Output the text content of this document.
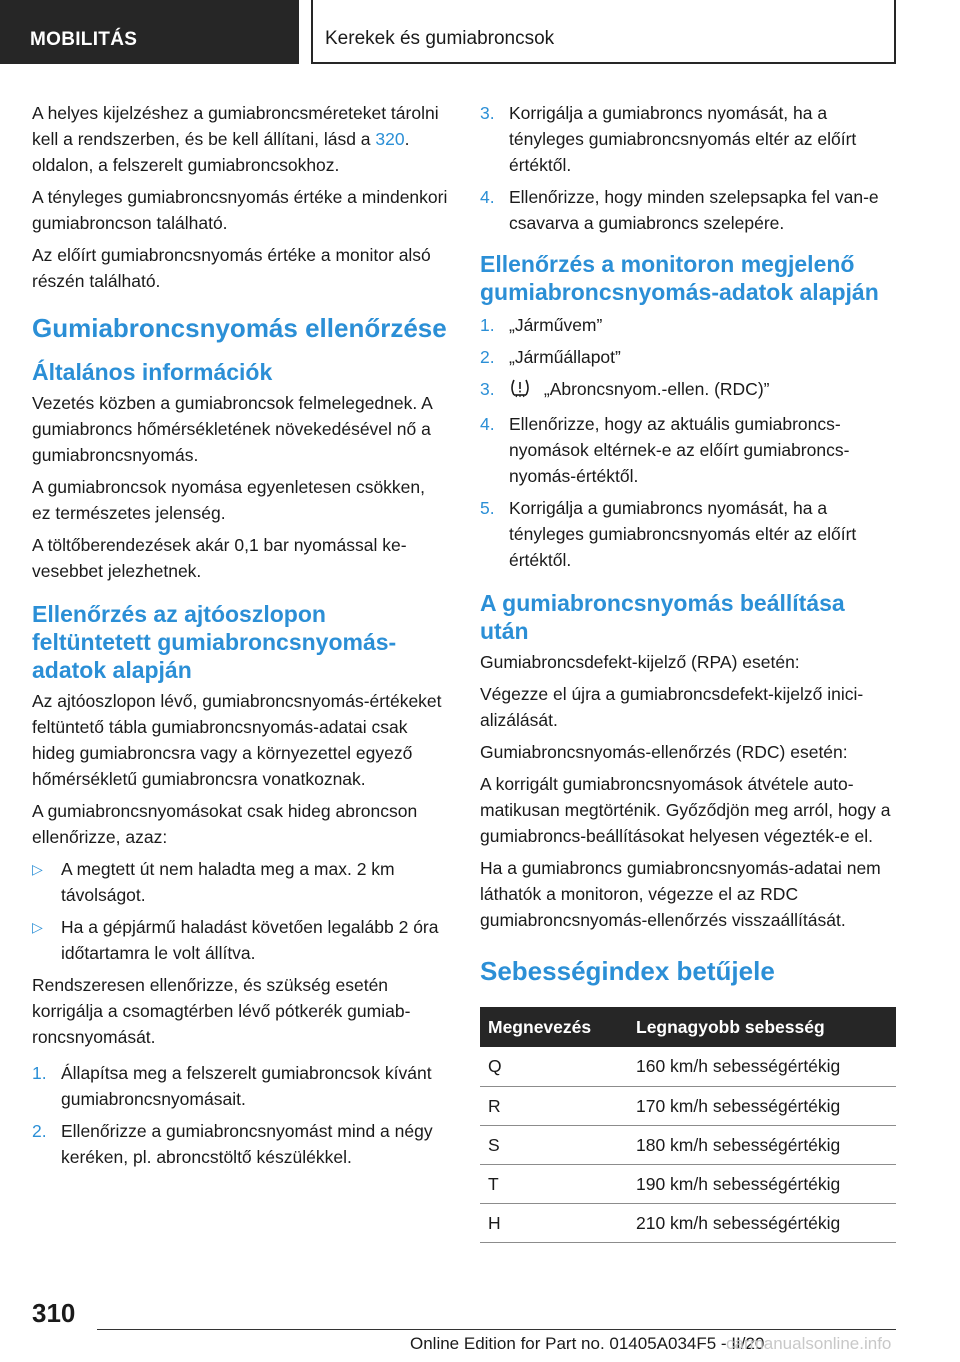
MOBILITÁS	Kerekek és gumiabroncsok

A helyes kijelzéshez a gumiabroncsméreteket tárolni kell a rendszerben, és be kell állítani, lásd a 320. oldalon, a felszerelt gumiabroncsokhoz.

A tényleges gumiabroncsnyomás értéke a mindenkori gumiabroncson található.

Az előírt gumiabroncsnyomás értéke a monitor alsó részén található.

Gumiabroncsnyomás ellenőrzése
Általános információk

Vezetés közben a gumiabroncsok felmelegednek. A gumiabroncs hőmérsékletének növekedésével nő a gumiabroncsnyomás.

A gumiabroncsok nyomása egyenletesen csökken, ez természetes jelenség.

A töltőberendezések akár 0,1 bar nyomással kevesebbet jelezhetnek.

Ellenőrzés az ajtóoszlopon feltüntetett gumiabroncsnyomás-adatok alapján

Az ajtóoszlopon lévő, gumiabroncsnyomás-értékeket feltüntető tábla gumiabroncsnyomás-adatai csak hideg gumiabroncsra vagy a környezettel egyező hőmérsékletű gumiabroncsra vonatkoznak.

A gumiabroncsnyomásokat csak hideg abroncson ellenőrizze, azaz:

▷ A megtett út nem haladta meg a max. 2 km távolságot.
▷ Ha a gépjármű haladást követően legalább 2 óra időtartamra le volt állítva.

Rendszeresen ellenőrizze, és szükség esetén korrigálja a csomagtérben lévő pótkerék gumiabroncsnyomását.

1. Állapítsa meg a felszerelt gumiabroncsok kívánt gumiabroncsnyomásait.
2. Ellenőrizze a gumiabroncsnyomást mind a négy keréken, pl. abroncstöltő készülékkel.
3. Korrigálja a gumiabroncs nyomását, ha a tényleges gumiabroncsnyomás eltér az előírt értéktől.
4. Ellenőrizze, hogy minden szelepsapka fel van-e csavarva a gumiabroncs szelepére.
Ellenőrzés a monitoron megjelenő gumiabroncsnyomás-adatok alapján
1. „Járművem”
2. „Járműállapot”
3.	„Abroncsnyom.-ellen. (RDC)”
4. Ellenőrizze, hogy az aktuális gumiabroncsnyomások eltérnek-e az előírt gumiabroncsnyomás-értéktől.
5. Korrigálja a gumiabroncs nyomását, ha a tényleges gumiabroncsnyomás eltér az előírt értéktől.
A gumiabroncsnyomás beállítása után

Gumiabroncsdefekt-kijelző (RPA) esetén:

Végezze el újra a gumiabroncsdefekt-kijelző inicializálását.

Gumiabroncsnyomás-ellenőrzés (RDC) esetén:

A korrigált gumiabroncsnyomások átvétele automatikusan megtörténik. Győződjön meg arról, hogy a gumiabroncs-beállításokat helyesen végezték-e el.

Ha a gumiabroncs gumiabroncsnyomás-adatai nem láthatók a monitoron, végezze el az RDC gumiabroncsnyomás-ellenőrzés visszaállítását.

Sebességindex betűjele
Megnevezés	Legnagyobb sebesség
Q	160 km/h sebességértékig
R	170 km/h sebességértékig
S	180 km/h sebességértékig
T	190 km/h sebességértékig
H	210 km/h sebességértékig
310
Online Edition for Part no. 01405A034F5 - II/20
carmanualsonline.info
